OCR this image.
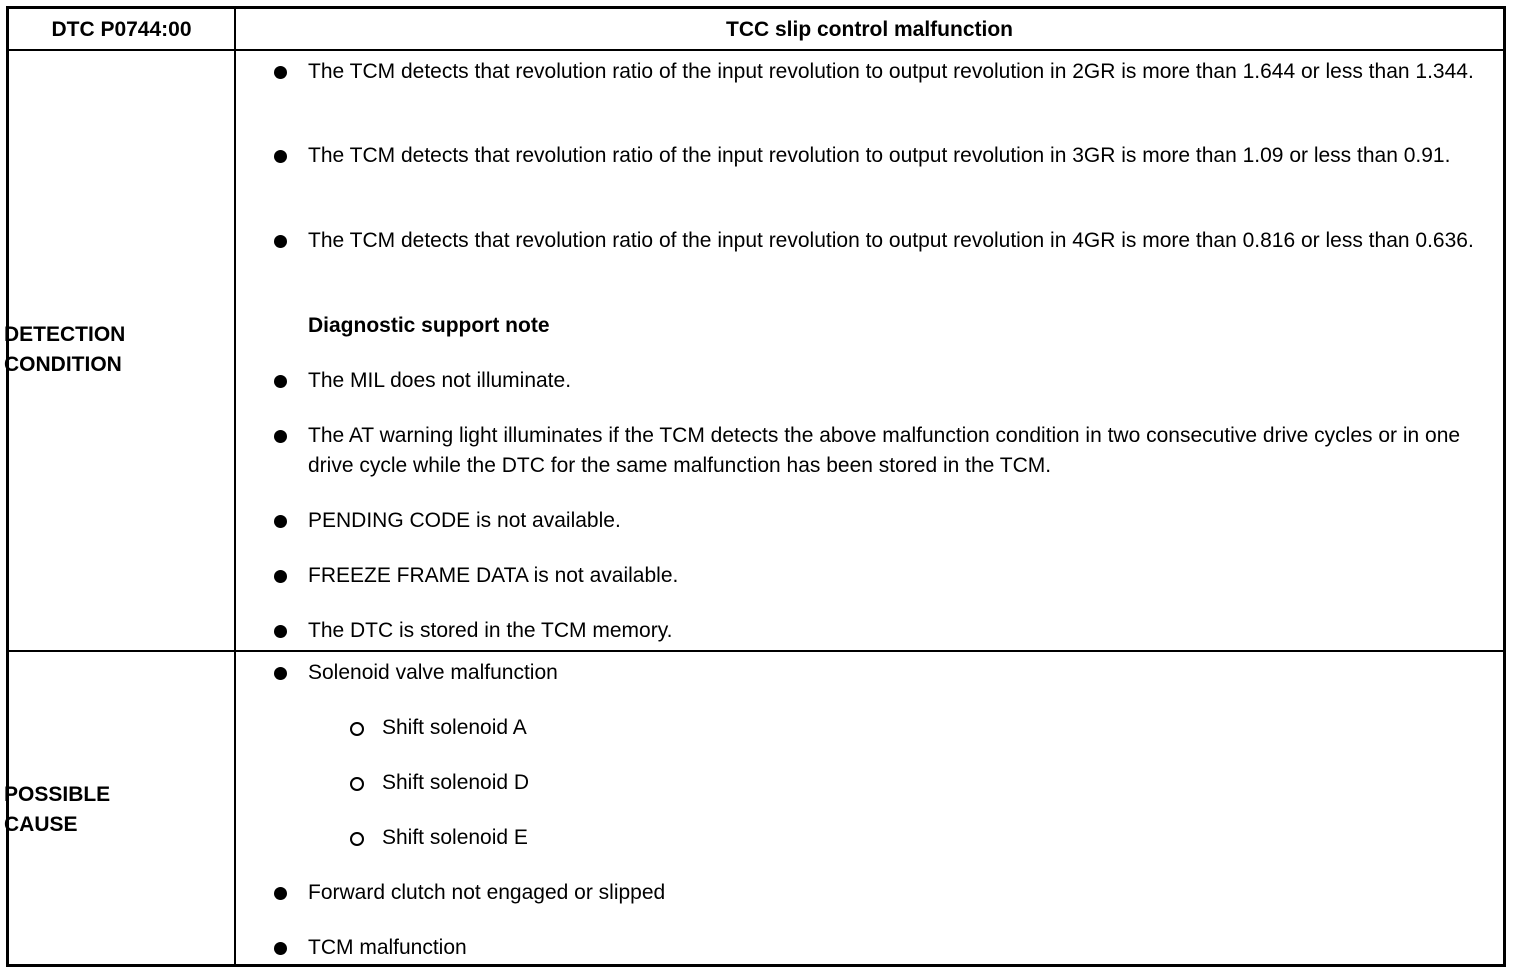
DTC P0744:00	TCC slip control malfunction
DETECTION
CONDITION
POSSIBLE
CAUSE
The TCM detects that revolution ratio of the input revolution to output revolution in 2GR is more than 1.644 or less than 1.344.
The TCM detects that revolution ratio of the input revolution to output revolution in 3GR is more than 1.09 or less than 0.91.
The TCM detects that revolution ratio of the input revolution to output revolution in 4GR is more than 0.816 or less than 0.636.
Diagnostic support note
The MIL does not illuminate.
The AT warning light illuminates if the TCM detects the above malfunction condition in two consecutive drive cycles or in one drive cycle while the DTC for the same malfunction has been stored in the TCM.
PENDING CODE is not available.
FREEZE FRAME DATA is not available.
The DTC is stored in the TCM memory.
Solenoid valve malfunction
Shift solenoid A
Shift solenoid D
Shift solenoid E
Forward clutch not engaged or slipped
TCM malfunction
